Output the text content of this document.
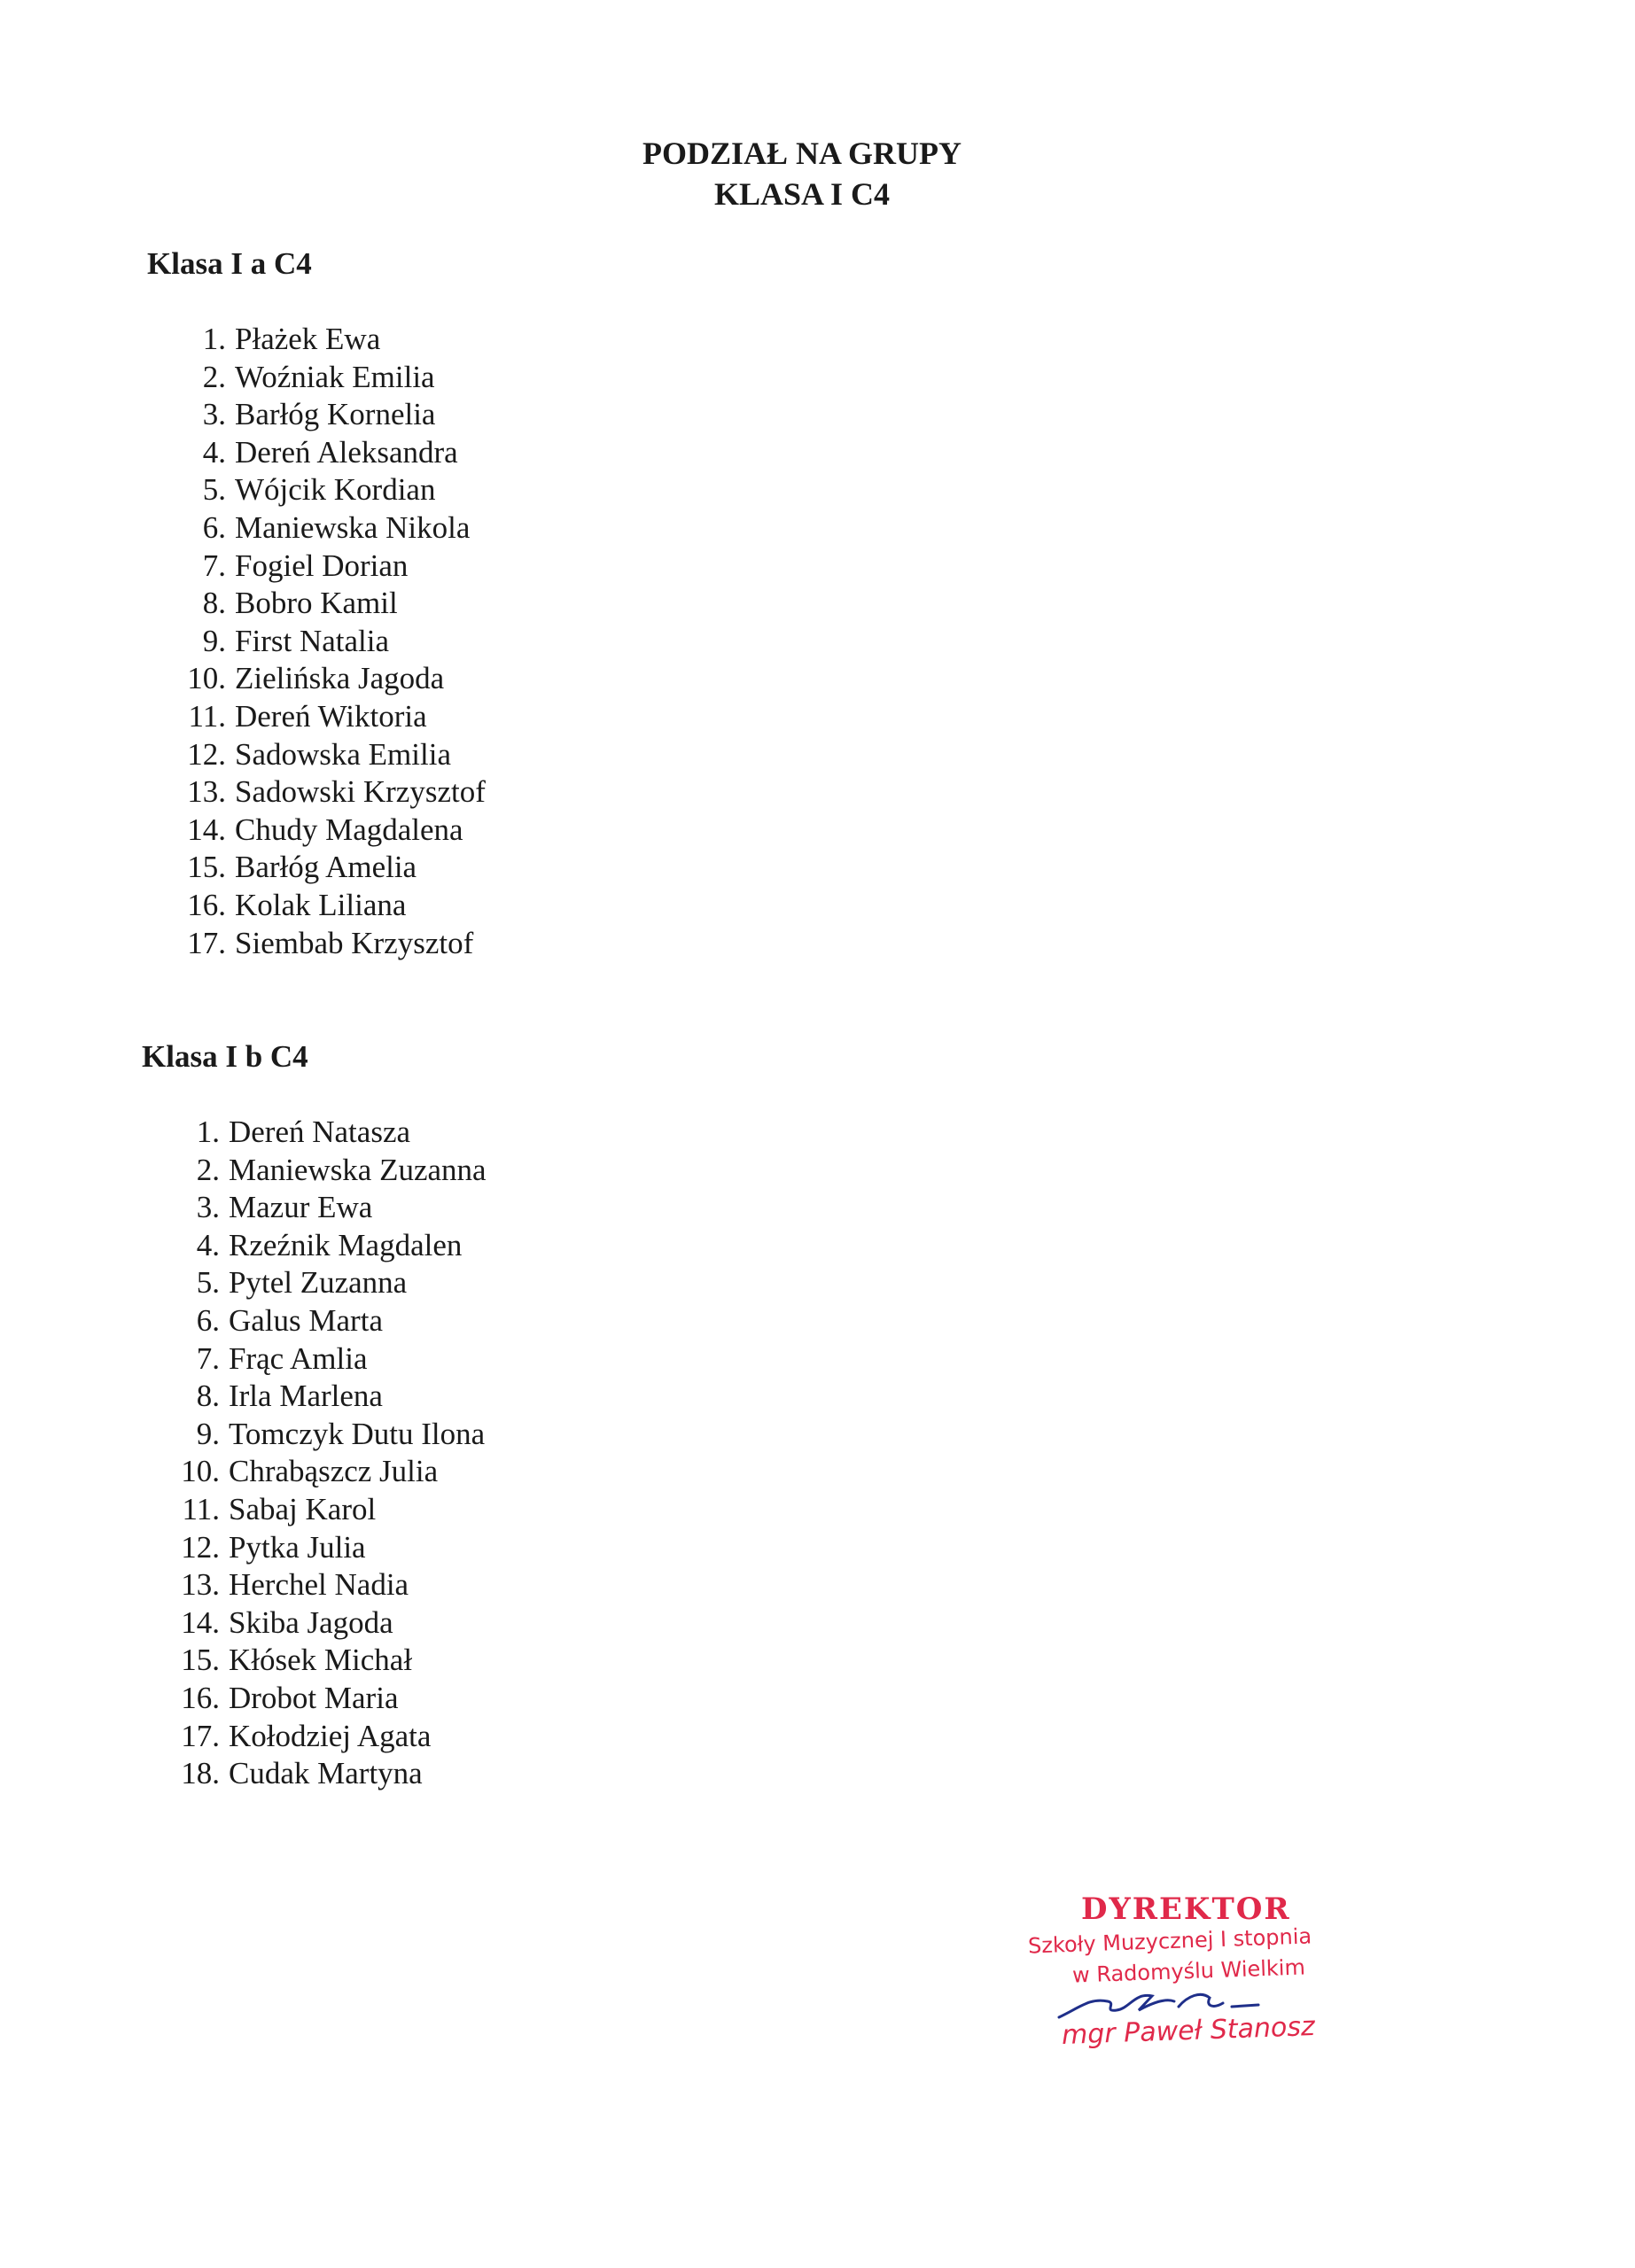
PODZIAŁ NA GRUPY
KLASA I C4
Klasa I a C4
1. Płażek Ewa
2. Woźniak Emilia
3. Barłóg Kornelia
4. Dereń Aleksandra
5. Wójcik Kordian
6. Maniewska Nikola
7. Fogiel Dorian
8. Bobro Kamil
9. First Natalia
10. Zielińska Jagoda
11. Dereń Wiktoria
12. Sadowska Emilia
13. Sadowski Krzysztof
14. Chudy Magdalena
15. Barłóg Amelia
16. Kolak Liliana
17. Siembab Krzysztof
Klasa I b C4
1. Dereń Natasza
2. Maniewska Zuzanna
3. Mazur Ewa
4. Rzeźnik Magdalen
5. Pytel Zuzanna
6. Galus Marta
7. Frąc Amlia
8. Irla Marlena
9. Tomczyk Dutu Ilona
10. Chrabąszcz Julia
11. Sabaj Karol
12. Pytka Julia
13. Herchel Nadia
14. Skiba Jagoda
15. Kłósek Michał
16. Drobot Maria
17. Kołodziej Agata
18. Cudak Martyna
DYREKTOR
Szkoły Muzycznej I stopnia
w Radomyślu Wielkim
mgr Paweł Stanosz
